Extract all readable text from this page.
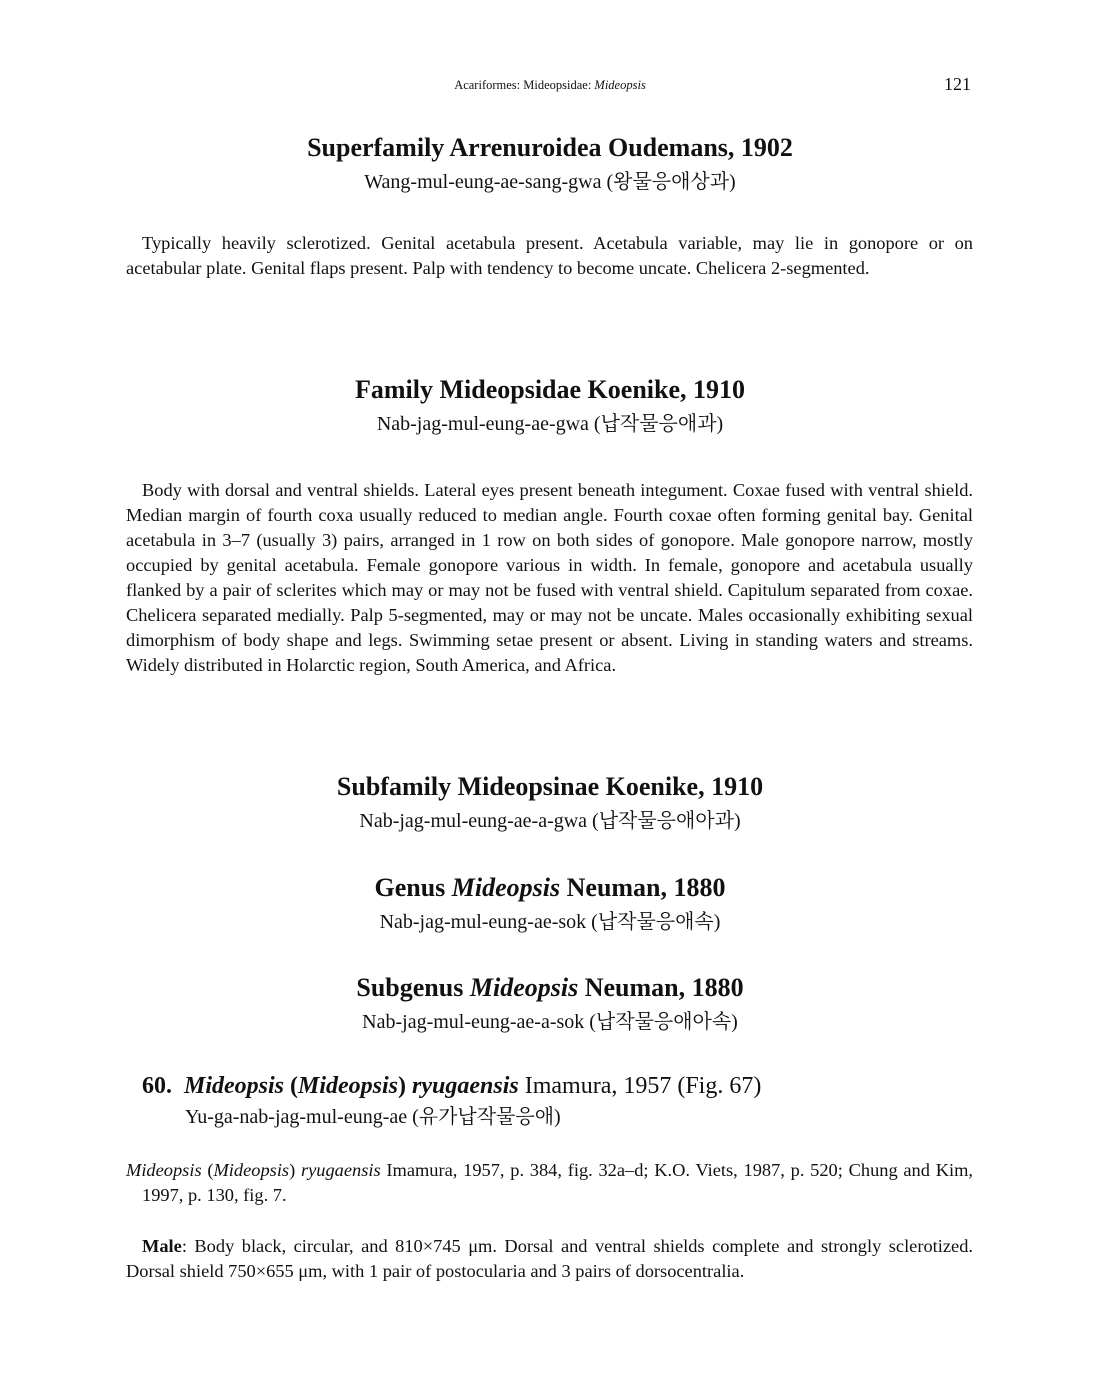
Acariformes: Mideopsidae: Mideopsis	121
Superfamily Arrenuroidea Oudemans, 1902
Wang-mul-eung-ae-sang-gwa (왕물응애상과)

Typically heavily sclerotized. Genital acetabula present. Acetabula variable, may lie in gonopore or on acetabular plate. Genital flaps present. Palp with tendency to become uncate. Chelicera 2-segmented.

Family Mideopsidae Koenike, 1910
Nab-jag-mul-eung-ae-gwa (납작물응애과)

Body with dorsal and ventral shields. Lateral eyes present beneath integument. Coxae fused with ventral shield. Median margin of fourth coxa usually reduced to median angle. Fourth coxae often forming genital bay. Genital acetabula in 3–7 (usually 3) pairs, arranged in 1 row on both sides of gonopore. Male gonopore narrow, mostly occupied by genital acetabula. Female gonopore various in width. In female, gonopore and acetabula usually flanked by a pair of sclerites which may or may not be fused with ventral shield. Capitulum separated from coxae. Chelicera separated medially. Palp 5-segmented, may or may not be uncate. Males occasionally exhibiting sexual dimorphism of body shape and legs. Swimming setae present or absent. Living in standing waters and streams. Widely distributed in Holarctic region, South America, and Africa.

Subfamily Mideopsinae Koenike, 1910
Nab-jag-mul-eung-ae-a-gwa (납작물응애아과)
Genus Mideopsis Neuman, 1880
Nab-jag-mul-eung-ae-sok (납작물응애속)
Subgenus Mideopsis Neuman, 1880
Nab-jag-mul-eung-ae-a-sok (납작물응애아속)
60. Mideopsis (Mideopsis) ryugaensis Imamura, 1957 (Fig. 67)
Yu-ga-nab-jag-mul-eung-ae (유가납작물응애)
Mideopsis (Mideopsis) ryugaensis Imamura, 1957, p. 384, fig. 32a–d; K.O. Viets, 1987, p. 520; Chung and Kim, 1997, p. 130, fig. 7.

Male: Body black, circular, and 810×745 μm. Dorsal and ventral shields complete and strongly sclerotized. Dorsal shield 750×655 μm, with 1 pair of postocularia and 3 pairs of dorsocentralia.
